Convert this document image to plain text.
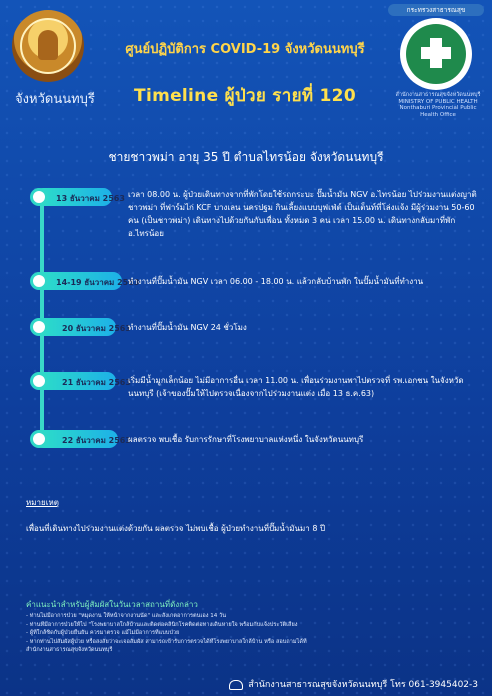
จังหวัดนนทบุรี
ศูนย์ปฏิบัติการ COVID-19 จังหวัดนนทบุรี
Timeline ผู้ป่วย รายที่ 120
กระทรวงสาธารณสุข
สำนักงานสาธารณสุขจังหวัดนนทบุรี
MINISTRY OF PUBLIC HEALTH
Nonthaburi Provincial Public Health Office
ชายชาวพม่า อายุ 35 ปี ตำบลไทรน้อย จังหวัดนนทบุรี
13 ธันวาคม 2563 เวลา 08.00 น. ผู้ป่วยเดินทางจากที่พักโดยใช้รถกระบะ ปั๊มน้ำมัน NGV อ.ไทรน้อย ไปร่วมงานแต่งญาติชาวพม่า ที่ฟาร์มไก่ KCF บางเลน นครปฐม กินเลี้ยงแบบบุฟเฟ่ต์ เป็นเต็นท์ที่โล่งแจ้ง มีผู้ร่วมงาน 50-60 คน (เป็นชาวพม่า) เดินทางไปด้วยกันกับเพื่อน ทั้งหมด 3 คน เวลา 15.00 น. เดินทางกลับมาที่พัก อ.ไทรน้อย
14-19 ธันวาคม 2563
ทำงานที่ปั๊มน้ำมัน NGV เวลา 06.00 - 18.00 น. แล้วกลับบ้านพัก ในปั๊มน้ำมันที่ทำงาน
20 ธันวาคม 2563
ทำงานที่ปั๊มน้ำมัน NGV 24 ชั่วโมง
21 ธันวาคม 2563
เริ่มมีน้ำมูกเล็กน้อย ไม่มีอาการอื่น เวลา 11.00 น. เพื่อนร่วมงานพาไปตรวจที่ รพ.เอกชน ในจังหวัดนนทบุรี (เจ้าของปั๊มให้ไปตรวจเนื่องจากไปร่วมงานแต่ง เมื่อ 13 ธ.ค.63)
22 ธันวาคม 2563
ผลตรวจ พบเชื้อ รับการรักษาที่โรงพยาบาลแห่งหนึ่ง ในจังหวัดนนทบุรี
หมายเหตุ
เพื่อนที่เดินทางไปร่วมงานแต่งด้วยกัน ผลตรวจ ไม่พบเชื้อ ผู้ป่วยทำงานที่ปั๊มน้ำมันมา 8 ปี
คำแนะนำสำหรับผู้สัมผัสในวันเวลาสถานที่ดังกล่าว
- ท่านไม่มีอาการป่วย "หมุดงาน ให้หน้าจากงานนัด" และสังเกตอาการตนเอง 14 วัน
- ท่านที่มีอาการป่วยให้ไป "โรงพยาบาลใกล้บ้านและติดต่อคลินิกโรคติดต่อทางเดินหายใจ พร้อมกับแจ้งประวัติเสี่ยง
- ผู้ที่ใกล้ชิดกับผู้ป่วยยืนยัน ควรมาตรวจ แม้ไม่มีอาการที่แบบป่วย
- หากท่านไปสัมผัสผู้ป่วย หรือสงสัยว่าจะเจอสัมผัส สามารถเข้ารับการตรวจได้ที่โรงพยาบาลใกล้บ้าน หรือ สอบถามได้ที่
สำนักงานสาธารณสุขจังหวัดนนทบุรี
สำนักงานสาธารณสุขจังหวัดนนทบุรี โทร 061-3945402-3
